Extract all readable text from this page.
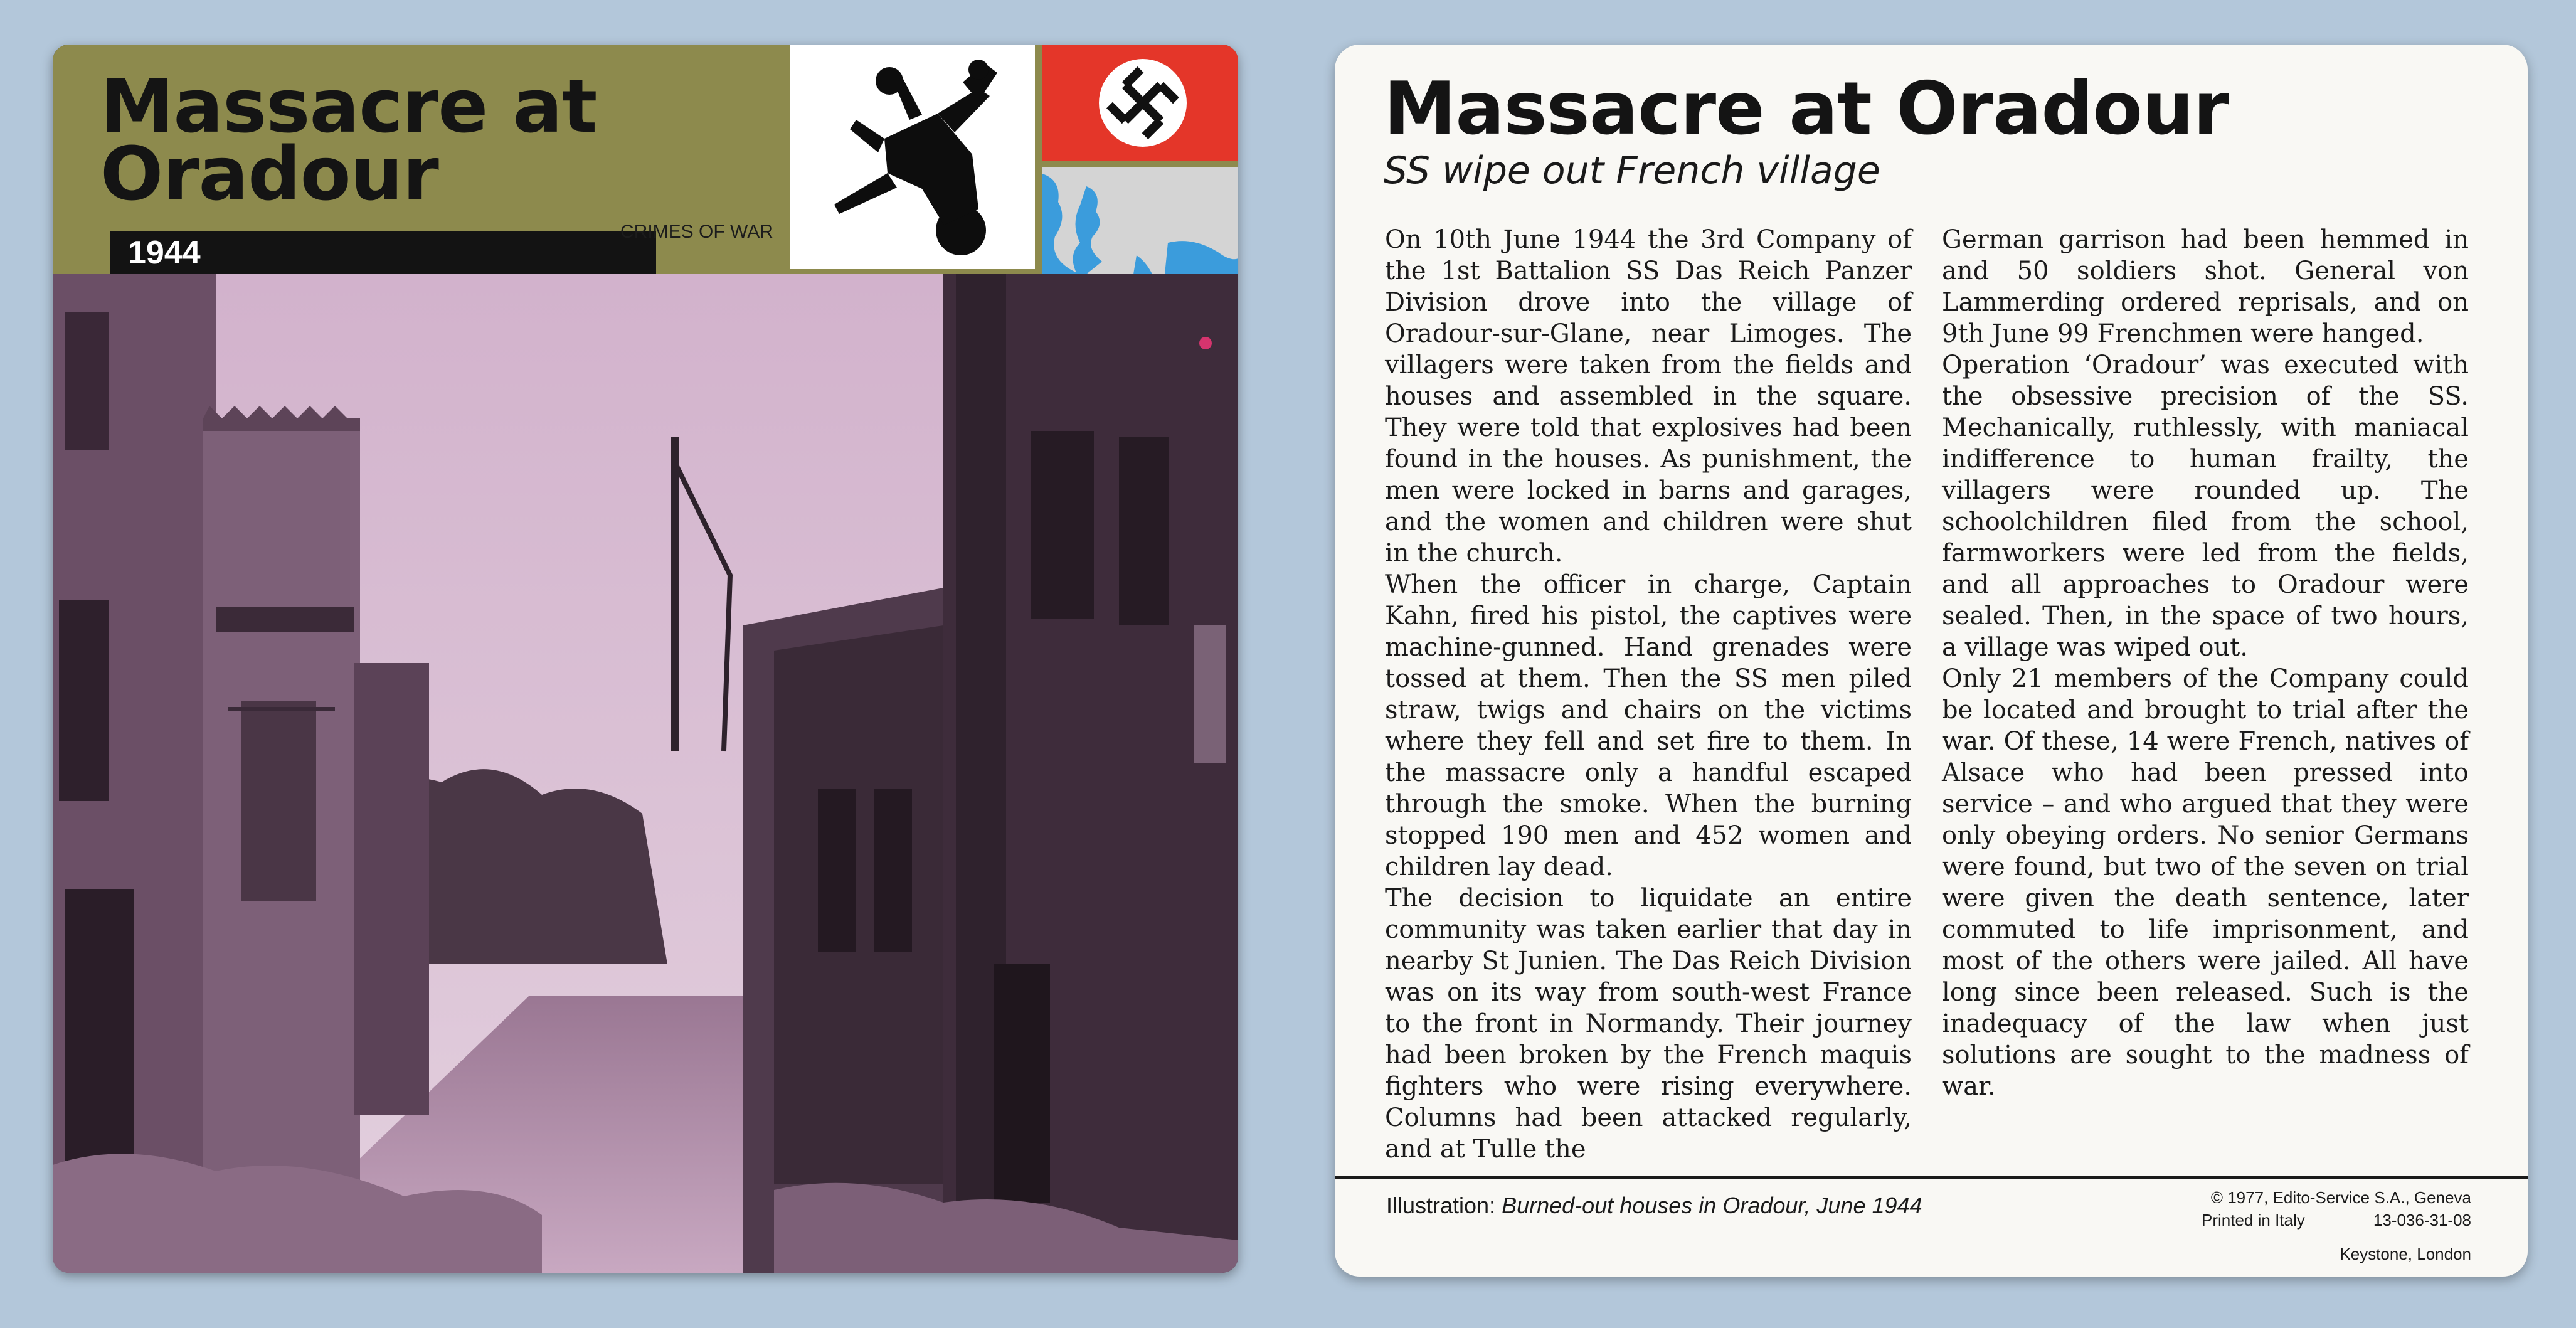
Massacre at
Oradour
1944
CRIMES OF WAR
Massacre at Oradour
SS wipe out French village

On 10th June 1944 the 3rd Company of the 1st Battalion SS Das Reich Panzer Division drove into the village of Oradour-sur-Glane, near Limoges. The villagers were taken from the fields and houses and assembled in the square. They were told that explosives had been found in the houses. As punishment, the men were locked in barns and garages, and the women and children were shut in the church.

When the officer in charge, Captain Kahn, fired his pistol, the captives were machine-gunned. Hand grenades were tossed at them. Then the SS men piled straw, twigs and chairs on the victims where they fell and set fire to them. In the massacre only a handful escaped through the smoke. When the burning stopped 190 men and 452 women and children lay dead.

The decision to liquidate an entire community was taken earlier that day in nearby St Junien. The Das Reich Division was on its way from south-west France to the front in Normandy. Their journey had been broken by the French maquis fighters who were rising everywhere. Columns had been attacked regularly, and at Tulle the

German garrison had been hemmed in and 50 soldiers shot. General von Lammerding ordered reprisals, and on 9th June 99 Frenchmen were hanged.

Operation ‘Oradour’ was executed with the obsessive precision of the SS. Mechanically, ruthlessly, with maniacal indifference to human frailty, the villagers were rounded up. The schoolchildren filed from the school, farmworkers were led from the fields, and all approaches to Oradour were sealed. Then, in the space of two hours, a village was wiped out.

Only 21 members of the Company could be located and brought to trial after the war. Of these, 14 were French, natives of Alsace who had been pressed into service – and who argued that they were only obeying orders. No senior Germans were found, but two of the seven on trial were given the death sentence, later commuted to life imprisonment, and most of the others were jailed. All have long since been released. Such is the inadequacy of the law when just solutions are sought to the madness of war.

Illustration: Burned-out houses in Oradour, June 1944	© 1977, Edito-Service S.A., Geneva
Printed in Italy	13-036-31-08
Keystone, London
